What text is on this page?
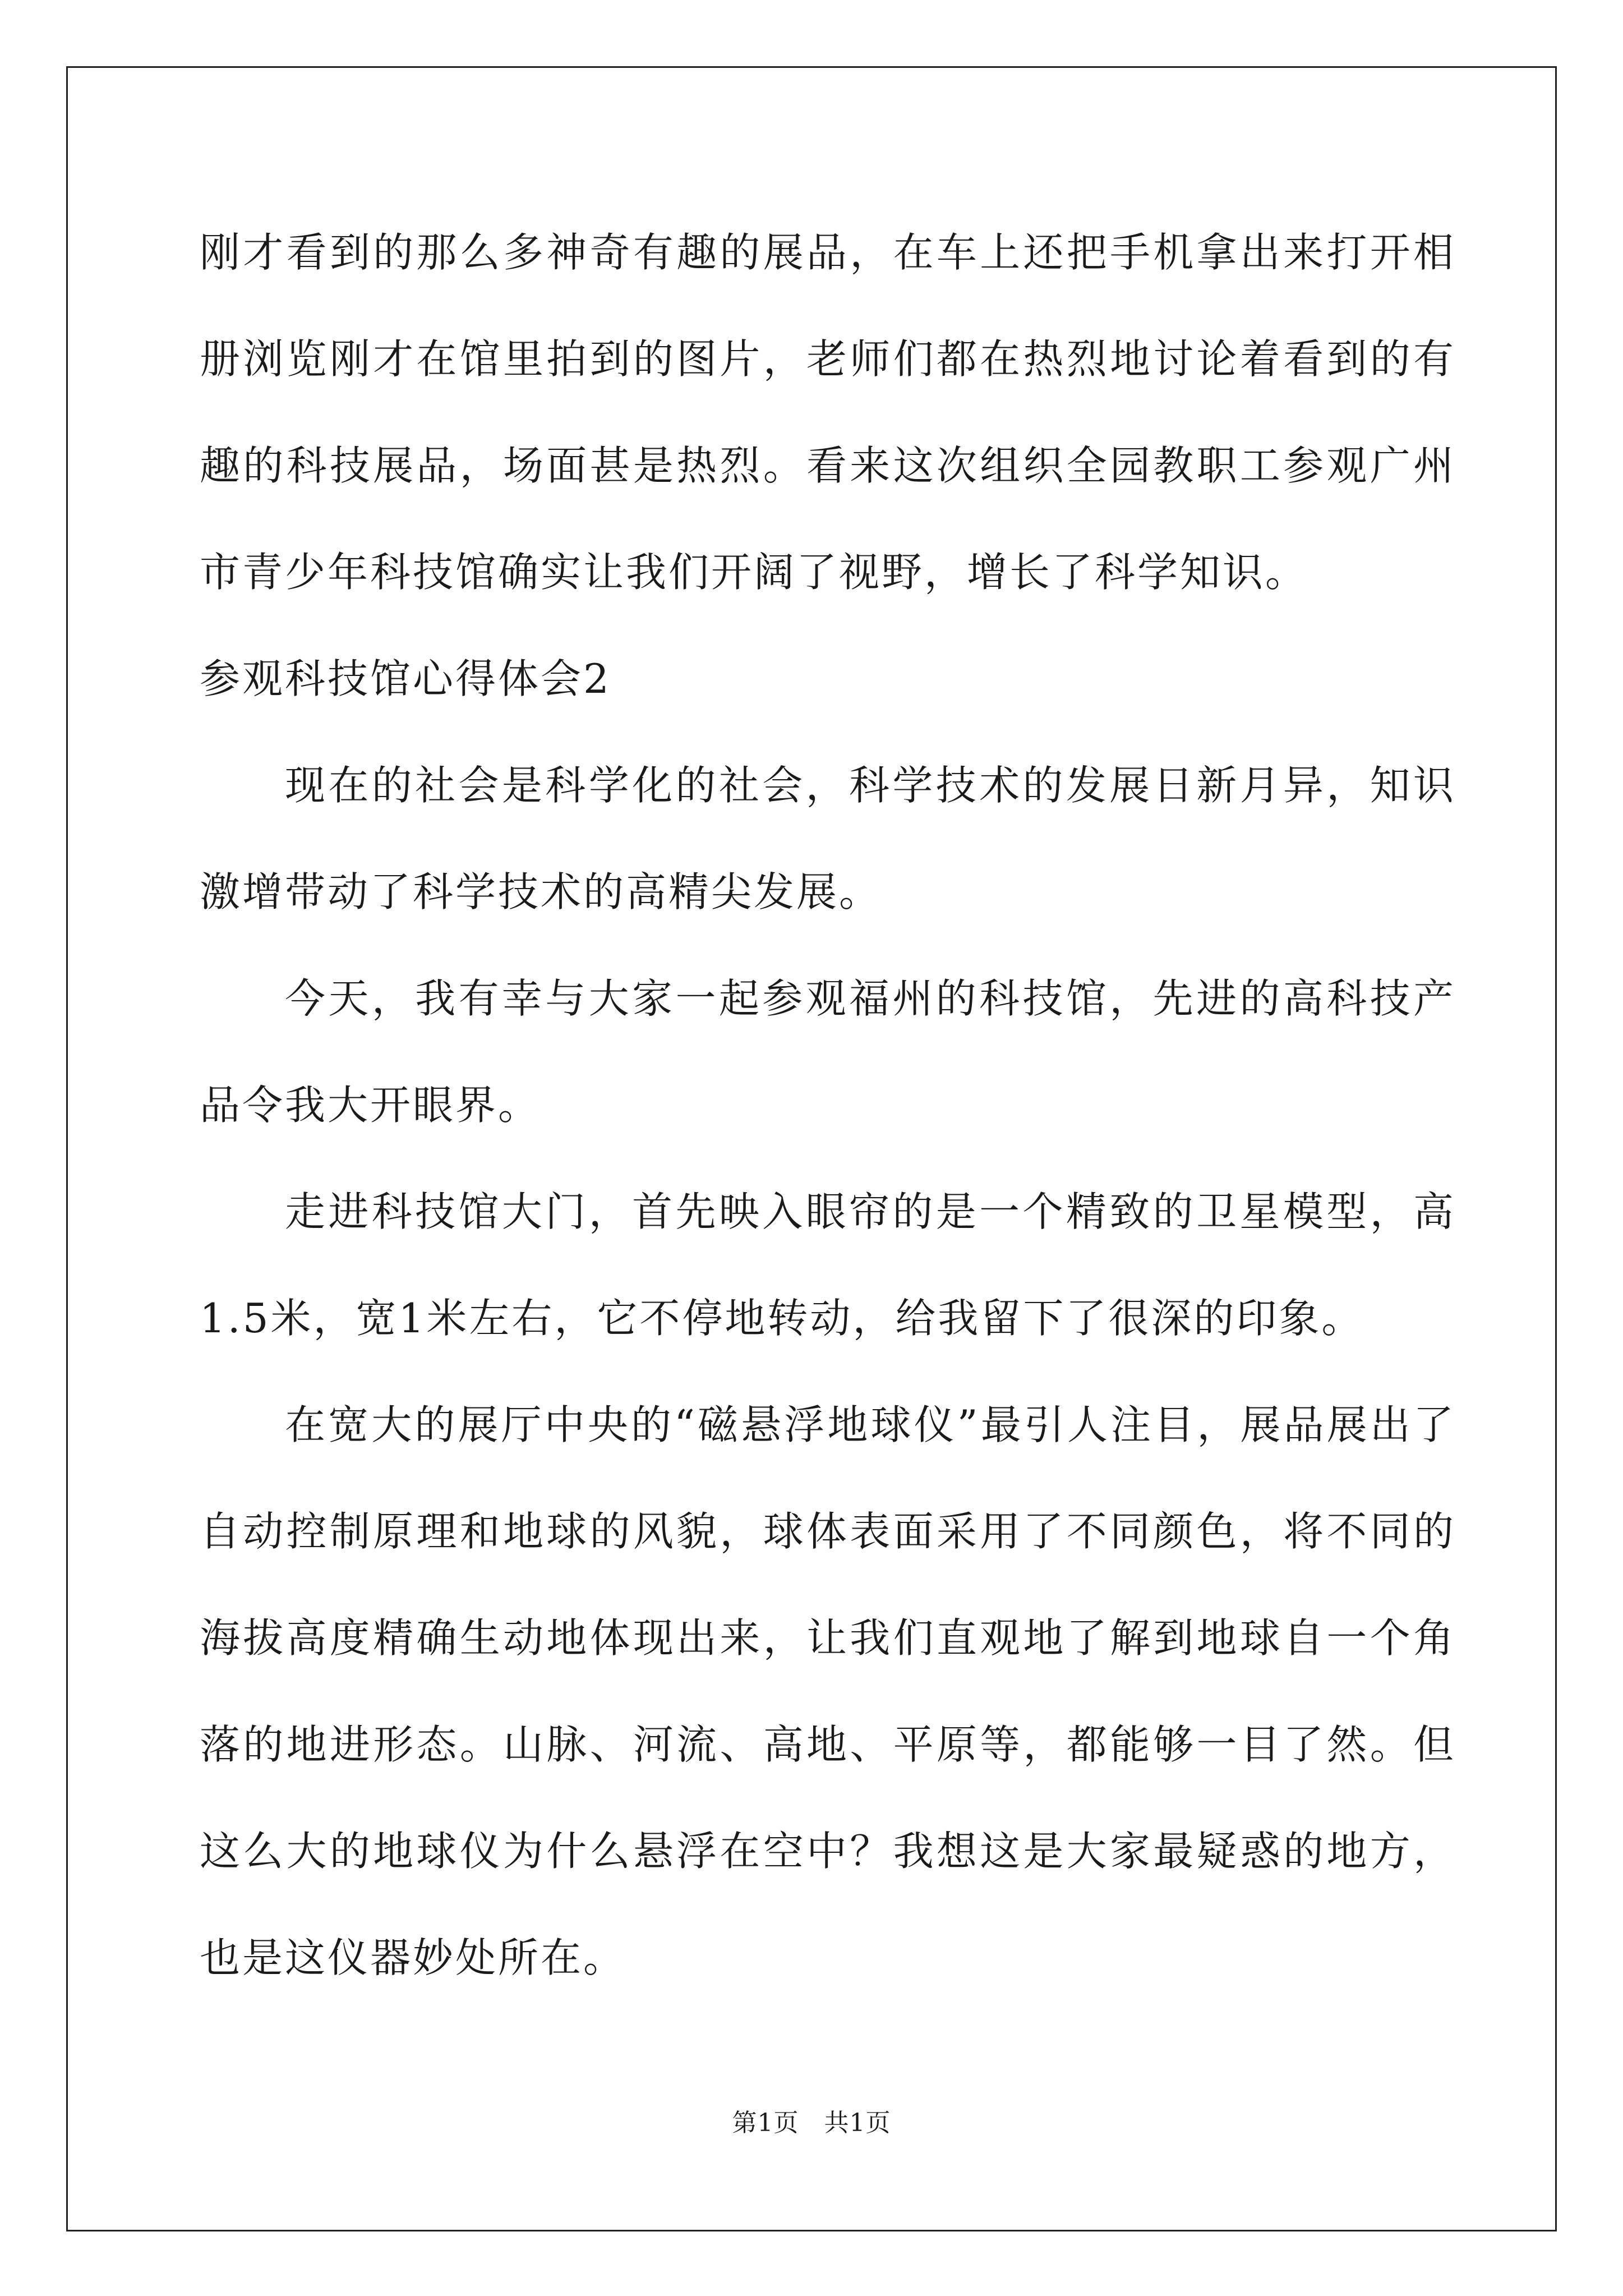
刚才看到的那么多神奇有趣的展品，在车上还把手机拿出来打开相册浏览刚才在馆里拍到的图片，老师们都在热烈地讨论着看到的有趣的科技展品，场面甚是热烈。看来这次组织全园教职工参观广州市青少年科技馆确实让我们开阔了视野，增长了科学知识。

参观科技馆心得体会2

现在的社会是科学化的社会，科学技术的发展日新月异，知识激增带动了科学技术的高精尖发展。

今天，我有幸与大家一起参观福州的科技馆，先进的高科技产品令我大开眼界。

走进科技馆大门，首先映入眼帘的是一个精致的卫星模型，高1.5米，宽1米左右，它不停地转动，给我留下了很深的印象。

在宽大的展厅中央的“磁悬浮地球仪”最引人注目，展品展出了自动控制原理和地球的风貌，球体表面采用了不同颜色，将不同的海拔高度精确生动地体现出来，让我们直观地了解到地球自一个角落的地进形态。山脉、河流、高地、平原等，都能够一目了然。但这么大的地球仪为什么悬浮在空中？我想这是大家最疑惑的地方，也是这仪器妙处所在。

第1页 共1页
